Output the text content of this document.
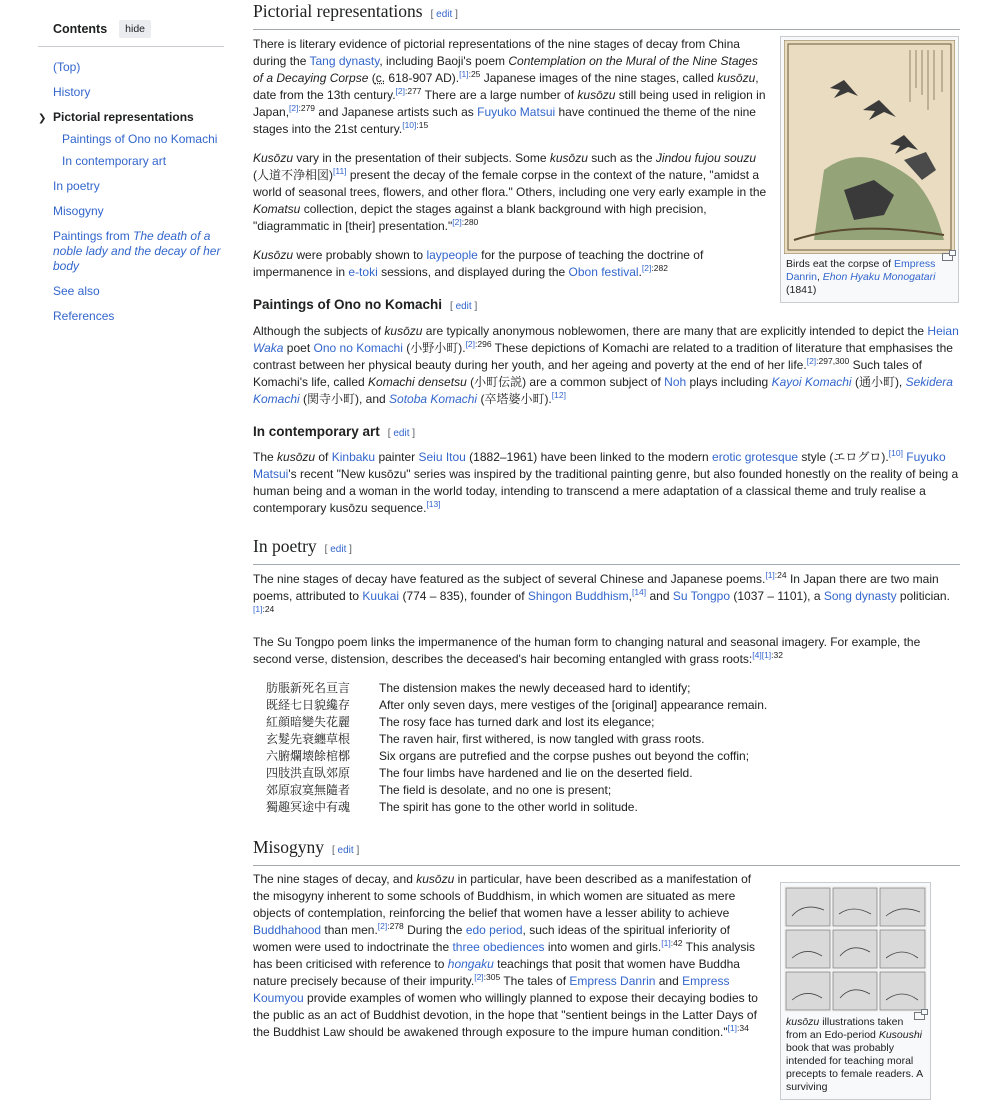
Contents	hide
(Top)
History
❯ Pictorial representations
Paintings of Ono no Komachi
In contemporary art
In poetry
Misogyny
Paintings from The death of a noble lady and the decay of her body
See also
References
Pictorial representations [ edit ]
Birds eat the corpse of Empress Danrin, Ehon Hyaku Monogatari (1841)

There is literary evidence of pictorial representations of the nine stages of decay from China during the Tang dynasty, including Baoji's poem Contemplation on the Mural of the Nine Stages of a Decaying Corpse (c. 618-907 AD).$^{[1]:25}$ Japanese images of the nine stages, called kusōzu, date from the 13th century.$^{[2]:277}$ There are a large number of kusōzu still being used in religion in Japan,$^{[2]:279}$ and Japanese artists such as Fuyuko Matsui have continued the theme of the nine stages into the 21st century.$^{[10]:15}$

Kusōzu vary in the presentation of their subjects. Some kusōzu such as the Jindou fujou souzu (人道不浄相図)[11] present the decay of the female corpse in the context of the nature, "amidst a world of seasonal trees, flowers, and other flora." Others, including one very early example in the Komatsu collection, depict the stages against a blank background with high precision, "diagrammatic in [their] presentation."$^{[2]:280}$

Kusōzu were probably shown to laypeople for the purpose of teaching the doctrine of impermanence in e-toki sessions, and displayed during the Obon festival.$^{[2]:282}$

Paintings of Ono no Komachi [ edit ]

Although the subjects of kusōzu are typically anonymous noblewomen, there are many that are explicitly intended to depict the Heian Waka poet Ono no Komachi (小野小町).$^{[2]:296}$ These depictions of Komachi are related to a tradition of literature that emphasises the contrast between her physical beauty during her youth, and her ageing and poverty at the end of her life.$^{[2]:297,300}$ Such tales of Komachi's life, called Komachi densetsu (小町伝説) are a common subject of Noh plays including Kayoi Komachi (通小町), Sekidera Komachi (関寺小町), and Sotoba Komachi (卒塔婆小町).[12]

In contemporary art [ edit ]

The kusōzu of Kinbaku painter Seiu Itou (1882–1961) have been linked to the modern erotic grotesque style (エログロ).[10] Fuyuko Matsui's recent "New kusōzu" series was inspired by the traditional painting genre, but also founded honestly on the reality of being a human being and a woman in the world today, intending to transcend a mere adaptation of a classical theme and truly realise a contemporary kusōzu sequence.[13]

In poetry [ edit ]

The nine stages of decay have featured as the subject of several Chinese and Japanese poems.$^{[1]:24}$ In Japan there are two main poems, attributed to Kuukai (774 – 835), founder of Shingon Buddhism,[14] and Su Tongpo (1037 – 1101), a Song dynasty politician.$^{[1]:24}$

The Su Tongpo poem links the impermanence of the human form to changing natural and seasonal imagery. For example, the second verse, distension, describes the deceased's hair becoming entangled with grass roots:$^{[4][1]:32}$

肪脹新死名亘言	The distension makes the newly deceased hard to identify;
既経七日貌纔存	After only seven days, mere vestiges of the [original] appearance remain.
紅顔暗變失花麗	The rosy face has turned dark and lost its elegance;
玄髮先衰纏草根	The raven hair, first withered, is now tangled with grass roots.
六腑爛壊餘棺槨	Six organs are putrefied and the corpse pushes out beyond the coffin;
四肢洪直臥郊原	The four limbs have hardened and lie on the deserted field.
郊原寂寞無隨者	The field is desolate, and no one is present;
獨趣冥途中有魂	The spirit has gone to the other world in solitude.
Misogyny [ edit ]
kusōzu illustrations taken from an Edo-period Kusoushi book that was probably intended for teaching moral precepts to female readers. A surviving

The nine stages of decay, and kusōzu in particular, have been described as a manifestation of the misogyny inherent to some schools of Buddhism, in which women are situated as mere objects of contemplation, reinforcing the belief that women have a lesser ability to achieve Buddhahood than men.$^{[2]:278}$ During the edo period, such ideas of the spiritual inferiority of women were used to indoctrinate the three obediences into women and girls.$^{[1]:42}$ This analysis has been criticised with reference to hongaku teachings that posit that women have Buddha nature precisely because of their impurity.$^{[2]:305}$ The tales of Empress Danrin and Empress Koumyou provide examples of women who willingly planned to expose their decaying bodies to the public as an act of Buddhist devotion, in the hope that "sentient beings in the Latter Days of the Buddhist Law should be awakened through exposure to the impure human condition."$^{[1]:34}$
